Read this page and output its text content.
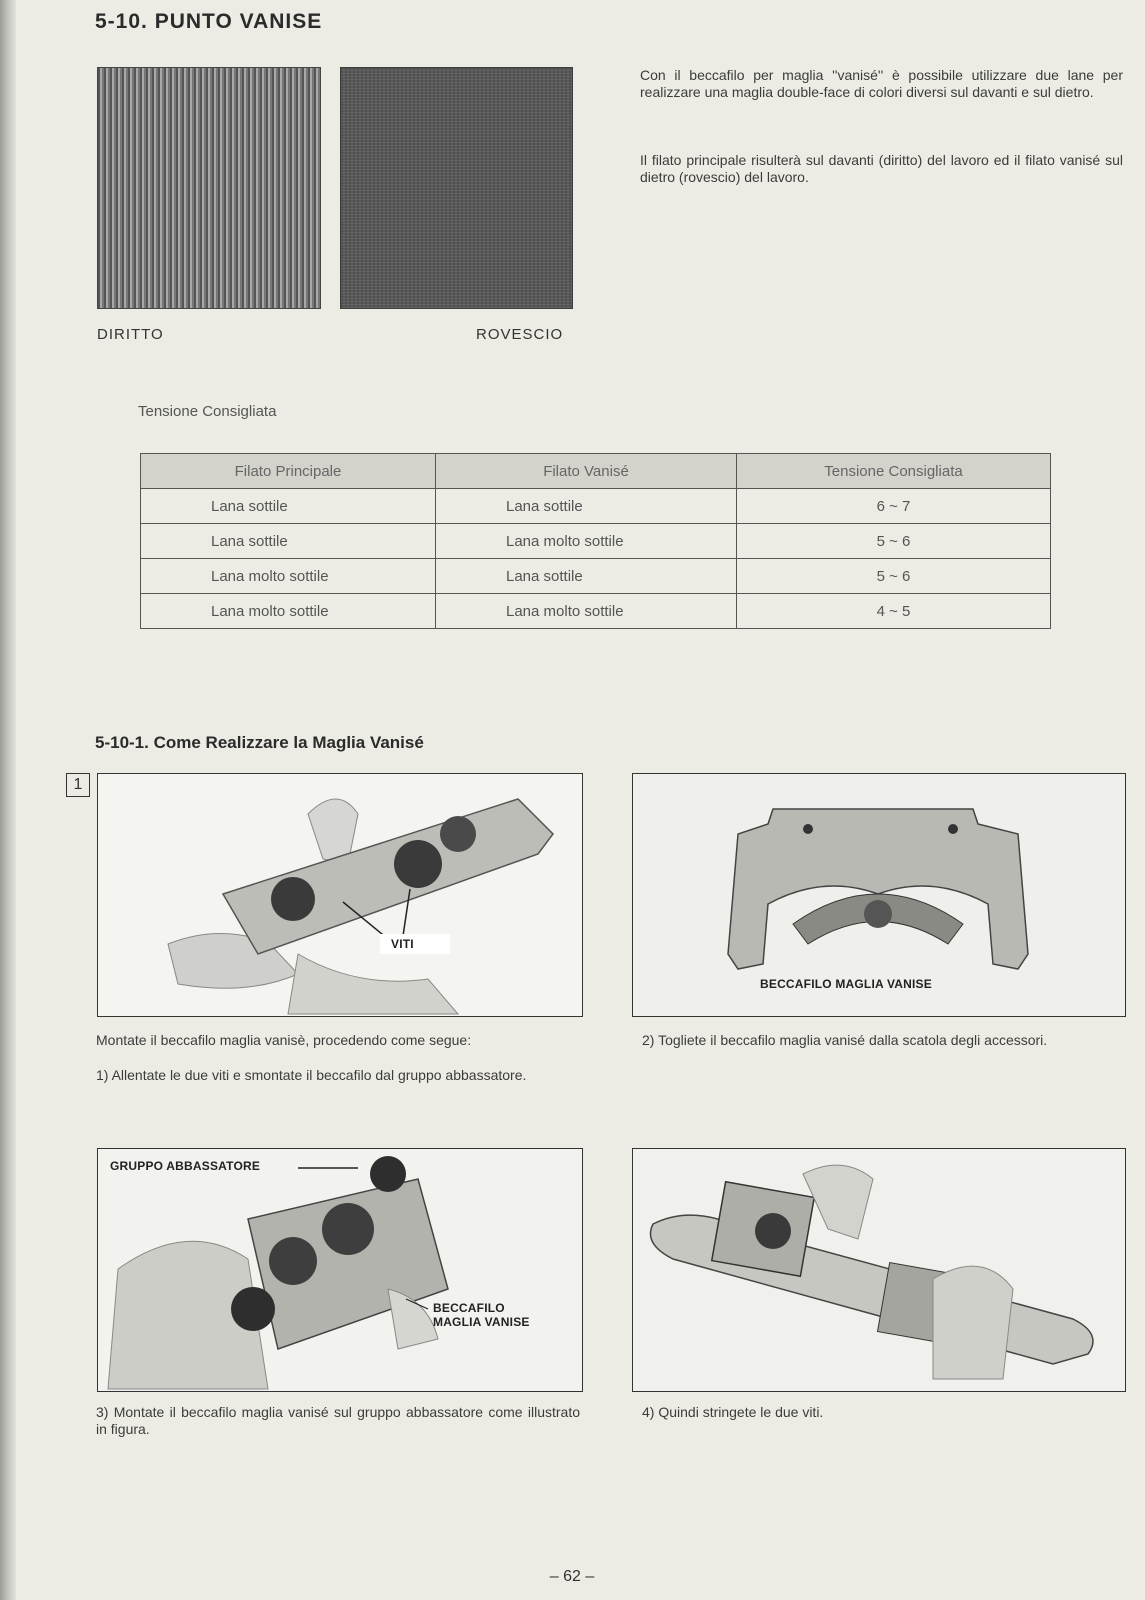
5-10. PUNTO VANISE
DIRITTO	ROVESCIO
Con il beccafilo per maglia ''vanisé'' è possibile utilizzare due lane per realizzare una maglia double-face di colori diversi sul davanti e sul dietro.
Il filato principale risulterà sul davanti (diritto) del lavoro ed il filato vanisé sul dietro (rovescio) del lavoro.
Tensione Consigliata
Filato Principale	Filato Vanisé	Tensione Consigliata
Lana sottile	Lana sottile	6 ~ 7
Lana sottile	Lana molto sottile	5 ~ 6
Lana molto sottile	Lana sottile	5 ~ 6
Lana molto sottile	Lana molto sottile	4 ~ 5
5-10-1. Come Realizzare la Maglia Vanisé
1
VITI
BECCAFILO MAGLIA VANISE
Montate il beccafilo maglia vanisè, procedendo come segue:
1) Allentate le due viti e smontate il beccafilo dal gruppo abbassatore.
2) Togliete il beccafilo maglia vanisé dalla scatola degli accessori.
GRUPPO ABBASSATORE
BECCAFILO
MAGLIA VANISE
3) Montate il beccafilo maglia vanisé sul gruppo abbassatore come illustrato in figura.
4) Quindi stringete le due viti.
– 62 –
